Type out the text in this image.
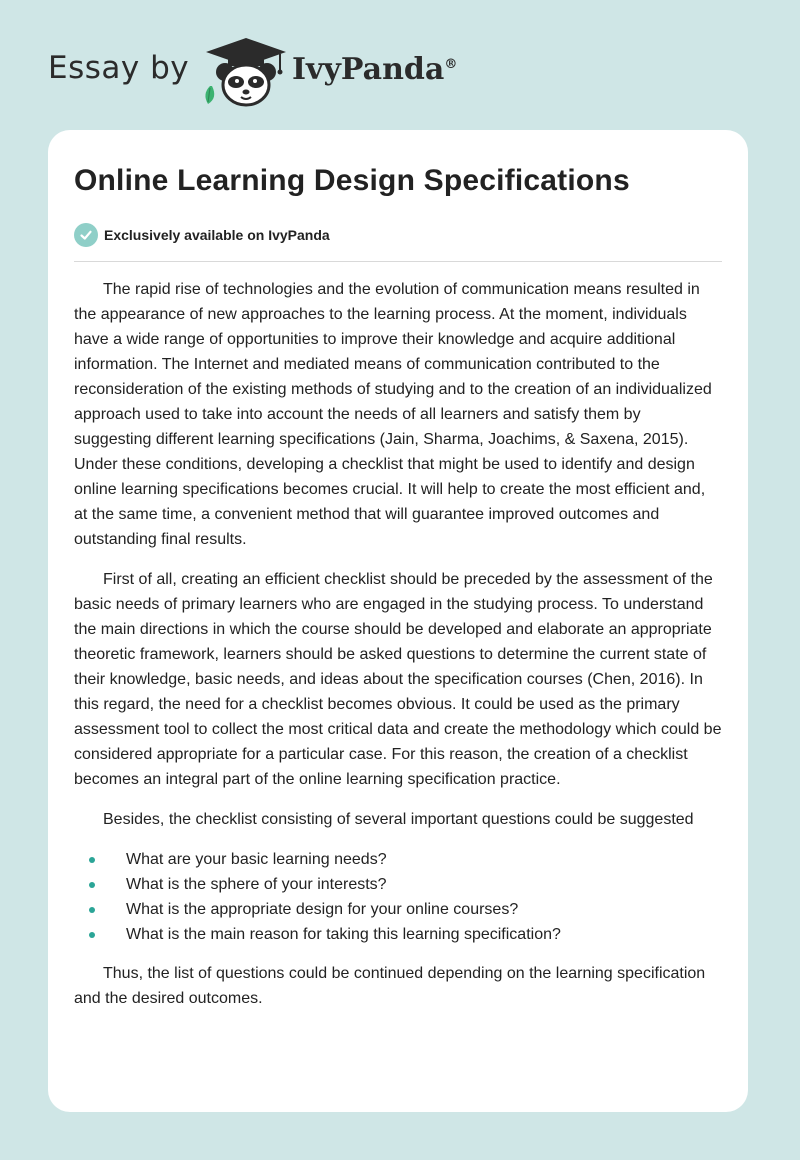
Essay by	IvyPanda®
Online Learning Design Specifications
Exclusively available on IvyPanda

The rapid rise of technologies and the evolution of communication means resulted in the appearance of new approaches to the learning process. At the moment, individuals have a wide range of opportunities to improve their knowledge and acquire additional information. The Internet and mediated means of communication contributed to the reconsideration of the existing methods of studying and to the creation of an individualized approach used to take into account the needs of all learners and satisfy them by suggesting different learning specifications (Jain, Sharma, Joachims, & Saxena, 2015). Under these conditions, developing a checklist that might be used to identify and design online learning specifications becomes crucial. It will help to create the most efficient and, at the same time, a convenient method that will guarantee improved outcomes and outstanding final results.

First of all, creating an efficient checklist should be preceded by the assessment of the basic needs of primary learners who are engaged in the studying process. To understand the main directions in which the course should be developed and elaborate an appropriate theoretic framework, learners should be asked questions to determine the current state of their knowledge, basic needs, and ideas about the specification courses (Chen, 2016). In this regard, the need for a checklist becomes obvious. It could be used as the primary assessment tool to collect the most critical data and create the methodology which could be considered appropriate for a particular case. For this reason, the creation of a checklist becomes an integral part of the online learning specification practice.

Besides, the checklist consisting of several important questions could be suggested

What are your basic learning needs?
What is the sphere of your interests?
What is the appropriate design for your online courses?
What is the main reason for taking this learning specification?

Thus, the list of questions could be continued depending on the learning specification and the desired outcomes.
